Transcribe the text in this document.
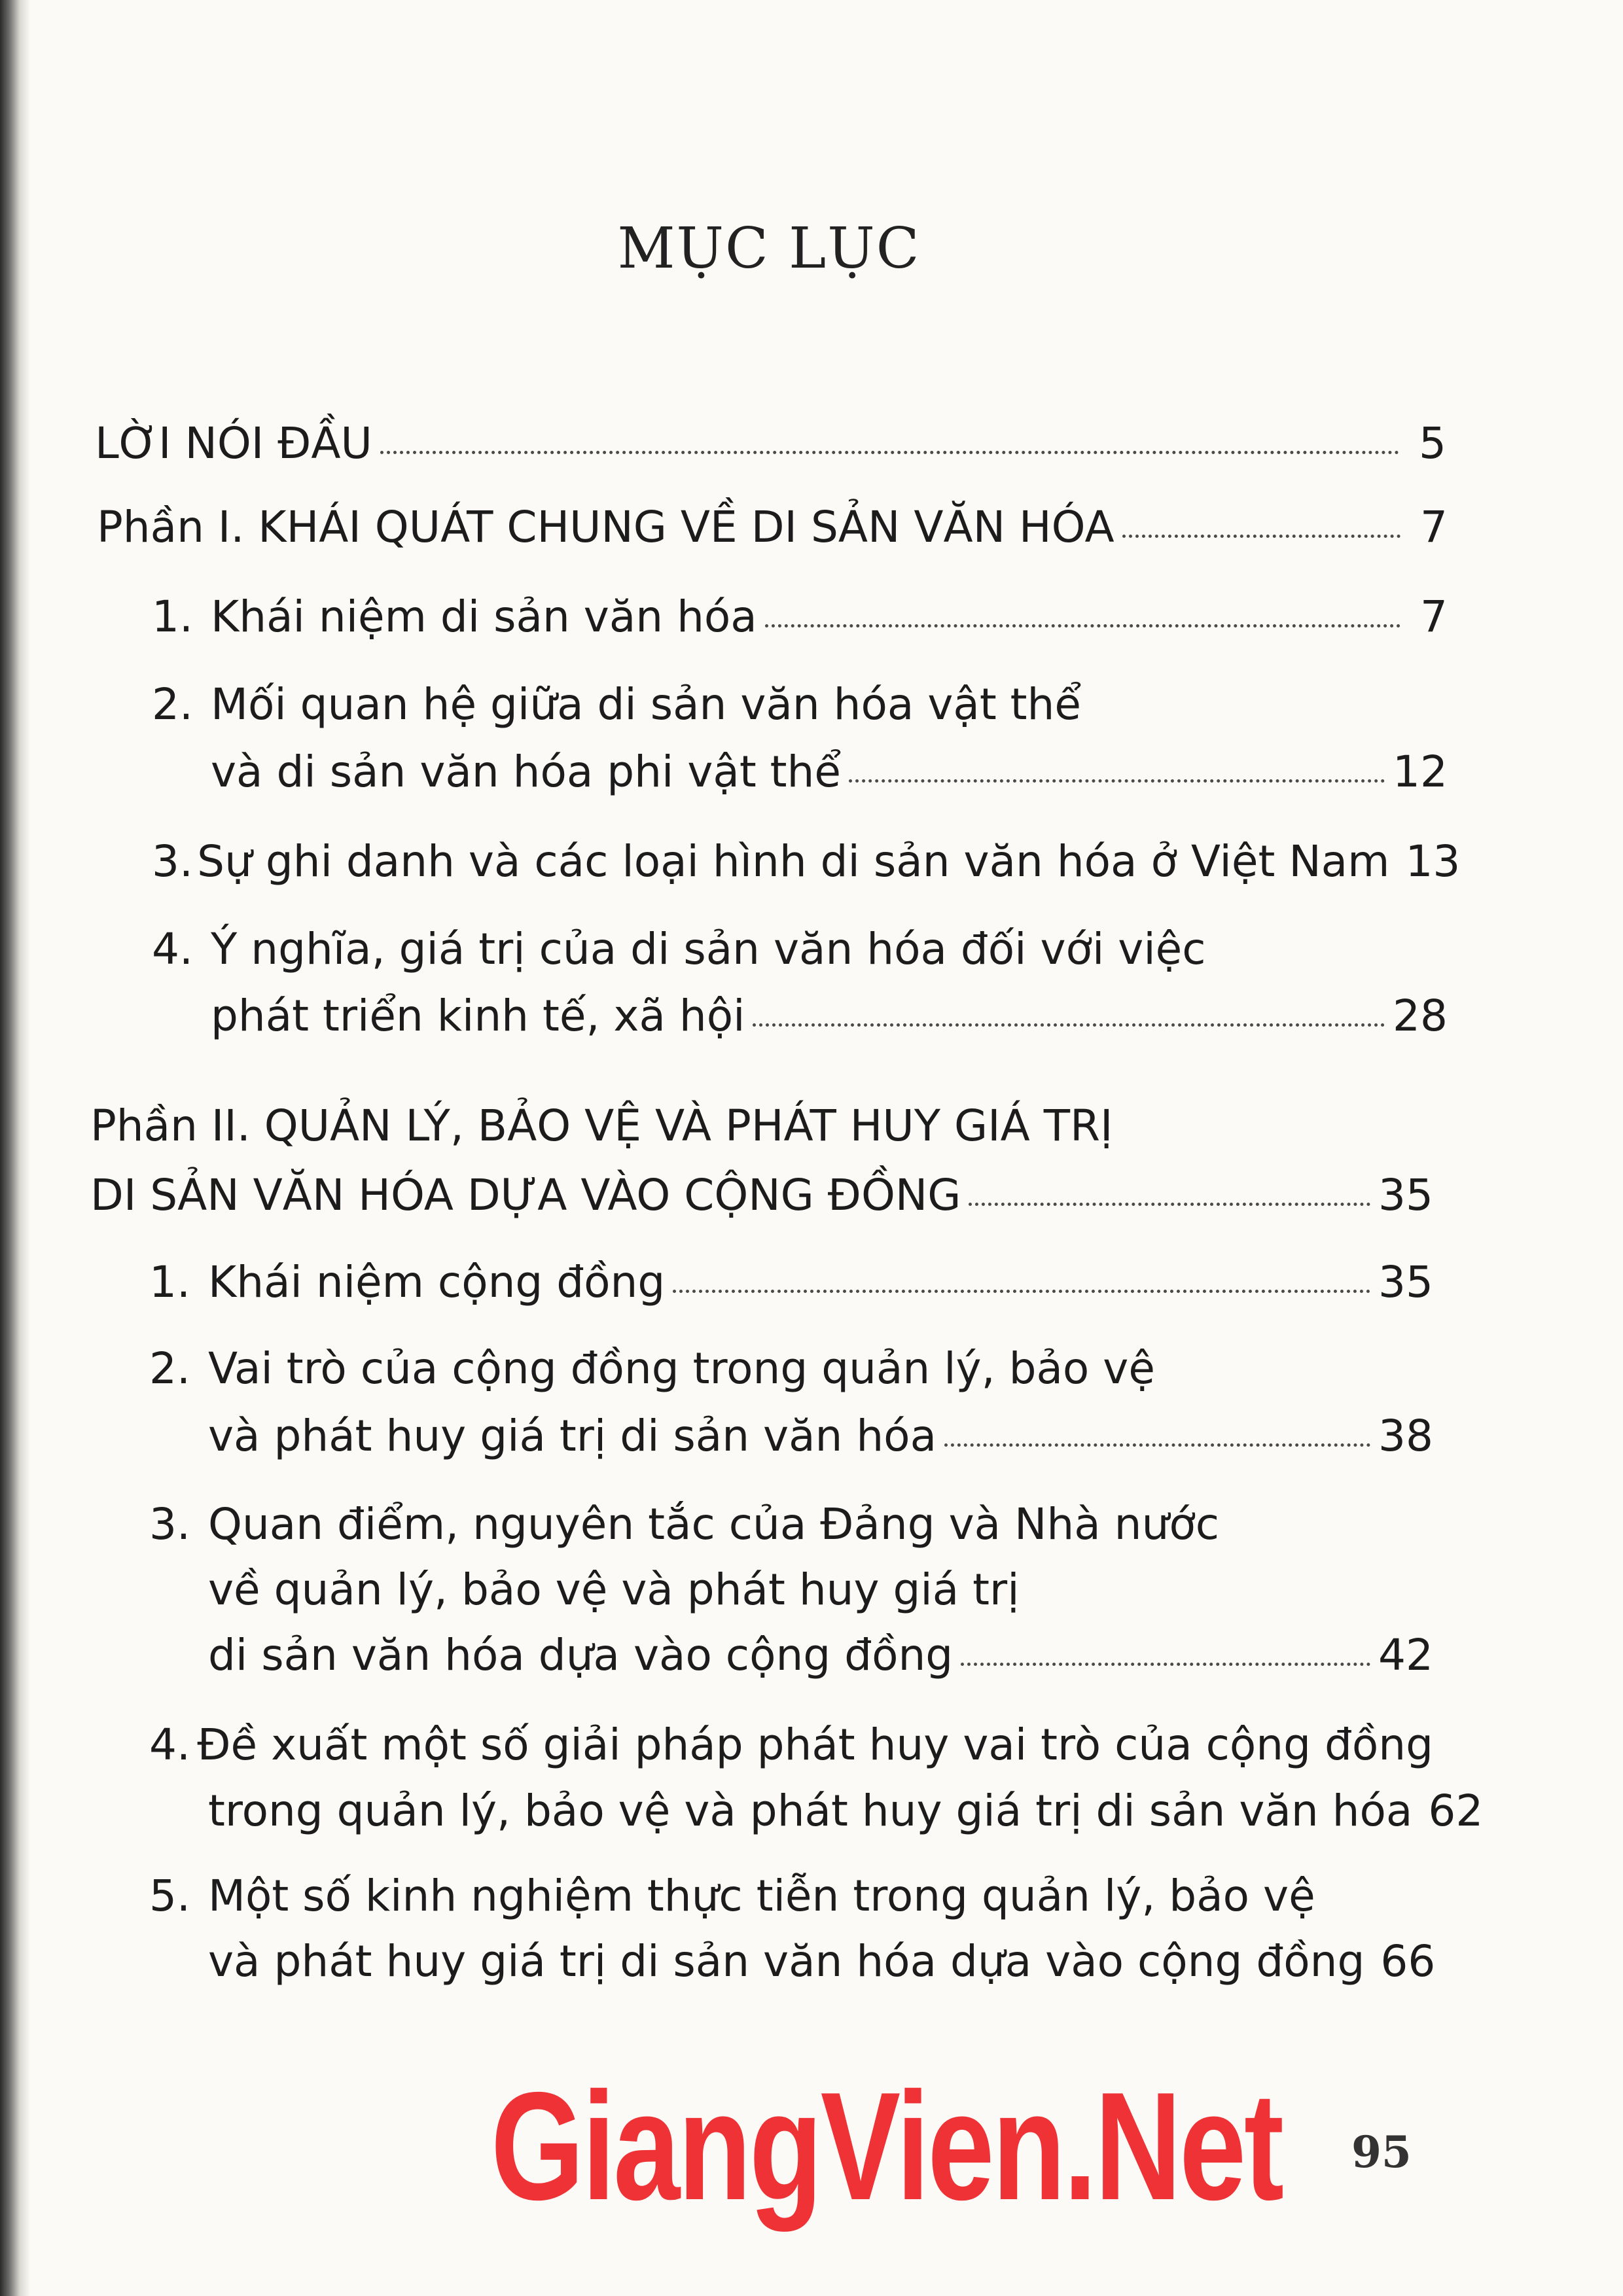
MỤC LỤC
LỜI NÓI ĐẦU	5
Phần I. KHÁI QUÁT CHUNG VỀ DI SẢN VĂN HÓA	7
1. Khái niệm di sản văn hóa	7
2. Mối quan hệ giữa di sản văn hóa vật thể
và di sản văn hóa phi vật thể	12
3. Sự ghi danh và các loại hình di sản văn hóa ở Việt Nam 13
4. Ý nghĩa, giá trị của di sản văn hóa đối với việc
phát triển kinh tế, xã hội	28
Phần II. QUẢN LÝ, BẢO VỆ VÀ PHÁT HUY GIÁ TRỊ
DI SẢN VĂN HÓA DỰA VÀO CỘNG ĐỒNG	35
1. Khái niệm cộng đồng	35
2. Vai trò của cộng đồng trong quản lý, bảo vệ
và phát huy giá trị di sản văn hóa	38
3. Quan điểm, nguyên tắc của Đảng và Nhà nước
về quản lý, bảo vệ và phát huy giá trị
di sản văn hóa dựa vào cộng đồng	42
4. Đề xuất một số giải pháp phát huy vai trò của cộng đồng
trong quản lý, bảo vệ và phát huy giá trị di sản văn hóa 62
5. Một số kinh nghiệm thực tiễn trong quản lý, bảo vệ
và phát huy giá trị di sản văn hóa dựa vào cộng đồng 66
GiangVien.Net 95
